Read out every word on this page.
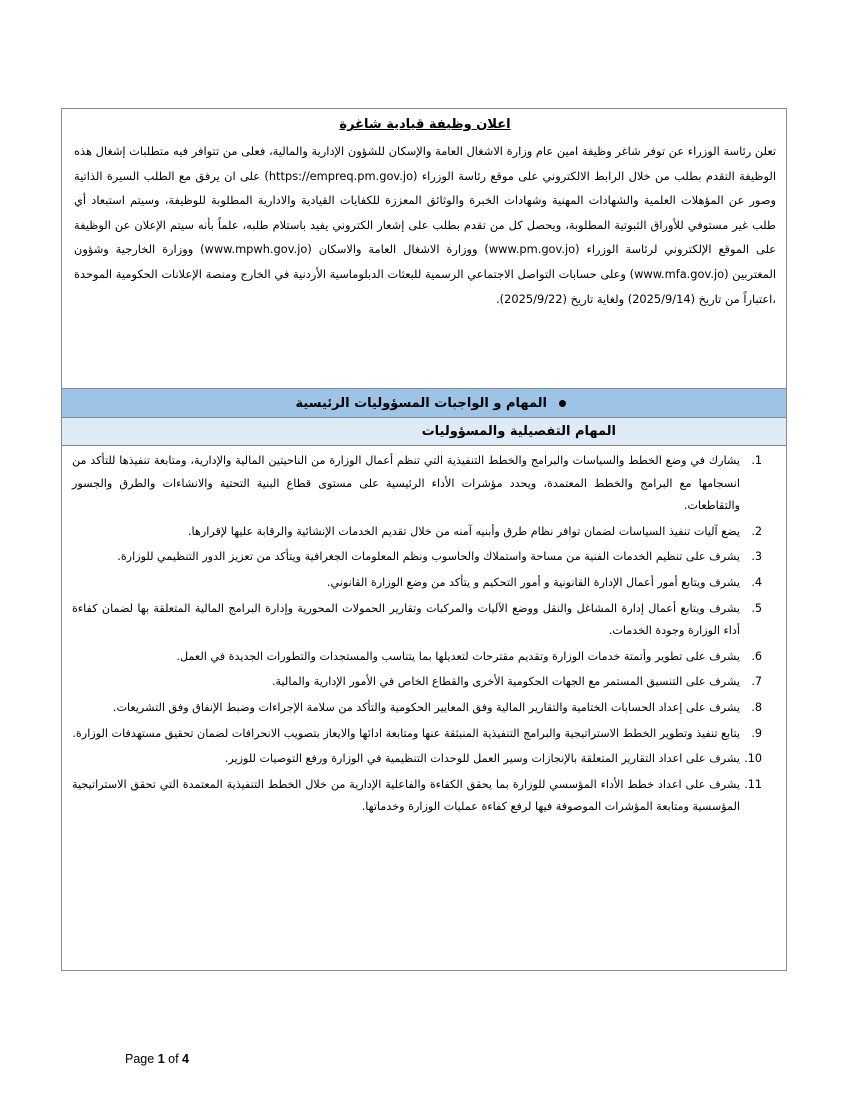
اعلان وظيفة قيادية شاغرة
تعلن رئاسة الوزراء عن توفر شاغر وظيفة امين عام وزارة الاشغال العامة والإسكان للشؤون الإدارية والمالية، فعلى من تتوافر فيه متطلبات إشغال هذه الوظيفة التقدم بطلب من خلال الرابط الالكتروني على موقع رئاسة الوزراء (https://empreq.pm.gov.jo) على ان يرفق مع الطلب السيرة الذاتية وصور عن المؤهلات العلمية والشهادات المهنية وشهادات الخبرة والوثائق المعززة للكفايات القيادية والادارية المطلوبة للوظيفة، وسيتم استبعاد أي طلب غير مستوفي للأوراق الثبوتية المطلوبة، ويحصل كل من تقدم بطلب على إشعار الكتروني يفيد باستلام طلبه، علماً بأنه سيتم الإعلان عن الوظيفة على الموقع الإلكتروني لرئاسة الوزراء (www.pm.gov.jo) ووزارة الاشغال العامة والاسكان (www.mpwh.gov.jo) ووزارة الخارجية وشؤون المغتربين (www.mfa.gov.jo) وعلى حسابات التواصل الاجتماعي الرسمية للبعثات الدبلوماسية الأردنية في الخارج ومنصة الإعلانات الحكومية الموحدة ،اعتباراً من تاريخ (2025/9/14) ولغاية تاريخ (2025/9/22).
المهام و الواجبات المسؤوليات الرئيسية
المهام التفصيلية والمسؤوليات
1.
يشارك في وضع الخطط والسياسات والبرامج والخطط التنفيذية التي تنظم أعمال الوزارة من الناحيتين المالية والإدارية، ومتابعة تنفيذها للتأكد من انسجامها مع البرامج والخطط المعتمدة، ويحدد مؤشرات الأداء الرئيسية على مستوى قطاع البنية التحتية والانشاءات والطرق والجسور والتقاطعات.
2.
يضع آليات تنفيذ السياسات لضمان توافر نظام طرق وأبنيه آمنه من خلال تقديم الخدمات الإنشائية والرقابة عليها لإقرارها.
3.
يشرف على تنظيم الخدمات الفنية من مساحة واستملاك والحاسوب ونظم المعلومات الجغرافية ويتأكد من تعزيز الدور التنظيمي للوزارة.
4.
يشرف ويتابع أمور أعمال الإدارة القانونية و أمور التحكيم و يتأكد من وضع الوزارة القانوني.
5.
يشرف ويتابع أعمال إدارة المشاغل والنقل ووضع الآليات والمركبات وتقارير الحمولات المحورية وإدارة البرامج المالية المتعلقة بها لضمان كفاءة أداء الوزارة وجودة الخدمات.
6.
يشرف على تطوير وأتمتة خدمات الوزارة وتقديم مقترحات لتعديلها بما يتناسب والمستجدات والتطورات الجديدة في العمل.
7.
يشرف على التنسيق المستمر مع الجهات الحكومية الأخرى والقطاع الخاص في الأمور الإدارية والمالية.
8.
يشرف على إعداد الحسابات الختامية والتقارير المالية وفق المعايير الحكومية والتأكد من سلامة الإجراءات وضبط الإنفاق وفق التشريعات.
9.
يتابع تنفيذ وتطوير الخطط الاستراتيجية والبرامج التنفيذية المنبثقة عنها ومتابعة ادائها والايعاز بتصويب الانحرافات لضمان تحقيق مستهدفات الوزارة.
10.
يشرف على اعداد التقارير المتعلقة بالإنجازات وسير العمل للوحدات التنظيمية في الوزارة ورفع التوصيات للوزير.
11.
يشرف على اعداد خطط الأداء المؤسسي للوزارة بما يحقق الكفاءة والفاعلية الإدارية من خلال الخطط التنفيذية المعتمدة التي تحقق الاستراتيجية المؤسسية ومتابعة المؤشرات الموصوفة فيها لرفع كفاءة عمليات الوزارة وخدماتها.
Page 1 of 4
